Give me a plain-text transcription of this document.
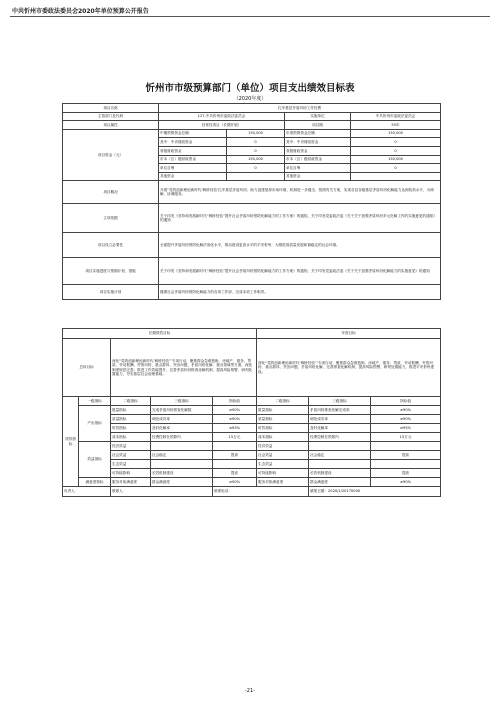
中共忻州市委政法委员会2020年单位预算公开报告
忻州市市级预算部门（单位）项目支出绩效目标表
（2020年度）
项目名称	扎牢基层矛盾纠纷工作经费			
主管部门及代码	127-中共忻州市委政法委员会		实施单位	中共忻州市委政法委员会
项目属性	经常性项目（长期开展）		项目期	55年
项目资金（元）	中期预算资金总额：	150,000	年度预算资金总额：	150,000
	其中：中央财政资金	0	其中：中央财政资金	0
	省级财政资金	0	省级财政资金	0
	市本（区）级财政资金	150,000	市本（区）级财政资金	150,000
	单位自筹	0	单位自筹	0
	其他资金		其他资金	
项目概况	开展“党的创新理论新时代‘枫桥经验’扎牢基层矛盾纠纷、助力创建宽厚市场环境、机制进一步健全，按照有关方案，实现各县各级基层矛盾纠纷化解能力达到较高水平，为调解、协调服务。			
立项依据	关于印发《坚持和发展新时代“枫桥经验”提升社会矛盾纠纷预防化解能力的工作方案》的通知，关于印发党委政法委《关于关于加强矛盾纠纷多元化解工作的实施意见的通知》的通知			
项目设立必要性	全面提升矛盾纠纷预防化解法治化水平，推动建设更高水平的平安忻州，为推进高质量发展和谐稳定的社会环境。			
项目实施进度与预期计划、措施	关于印发《坚持和发展新时代“枫桥经验”提升社会矛盾纠纷预防化解能力的工作方案》的通知，关于印发党委政法委《关于关于加强矛盾纠纷化解能力的实施意见》的通知			
项目实施计划	健康社会矛盾纠纷预防化解能力的各项工作部，完成本项工作职责。			
长期绩效目标					年度目标		
总体目标		深化“党的创新理论新时代‘枫桥经验’”专项行动，聚焦群众急难愁盼、房地产、债务、贷款、劳动报酬、劳资纠纷、重点群体、突出问题、矛盾纠纷化解、重点领域等方面，深化制度规范完善；推进工作效能提升，完善矛盾纠纷排查化解机制，提高风险预警、研判处置能力，夯实基层社会治理基础。			深化“党的创新理论新时代‘枫桥经验’”专项行动，聚焦群众急难愁盼、房地产、债务、贷款、劳动报酬、劳资纠纷、重点群体、突出问题、矛盾纠纷化解，完善排查化解机制，提高风险预警、研判处置能力，推进平安忻州建设。		
绩效指标	一级指标	二级指标	三级指标	指标值	二级指标	三级指标	指标值
	产出指标	数量指标	完成矛盾纠纷排查化解数	≥90%	数量指标	矛盾纠纷排查化解完成率	≥90%
		质量指标	调处成功率	≥90%	质量指标	调处成功率	≥90%
		时效指标	及时化解率	≥95%	时效指标	及时化解率	≥95%
		成本指标	经费控制在预算内	15万元	成本指标	经费控制在预算内	15万元
	效益指标	经济效益			经济效益		
		社会效益	社会稳定	提高	社会效益	社会稳定	提高
		生态效益			生态效益		
		可持续影响	长效机制建设	提高	可持续影响	长效机制建设	提高
	满意度指标	服务对象满意度	群众满意度	≥90%	服务对象满意度	群众满意度	≥90%
负责人：		联系人：		联系电话：		填报日期：2020/1/20170000	
-21-
